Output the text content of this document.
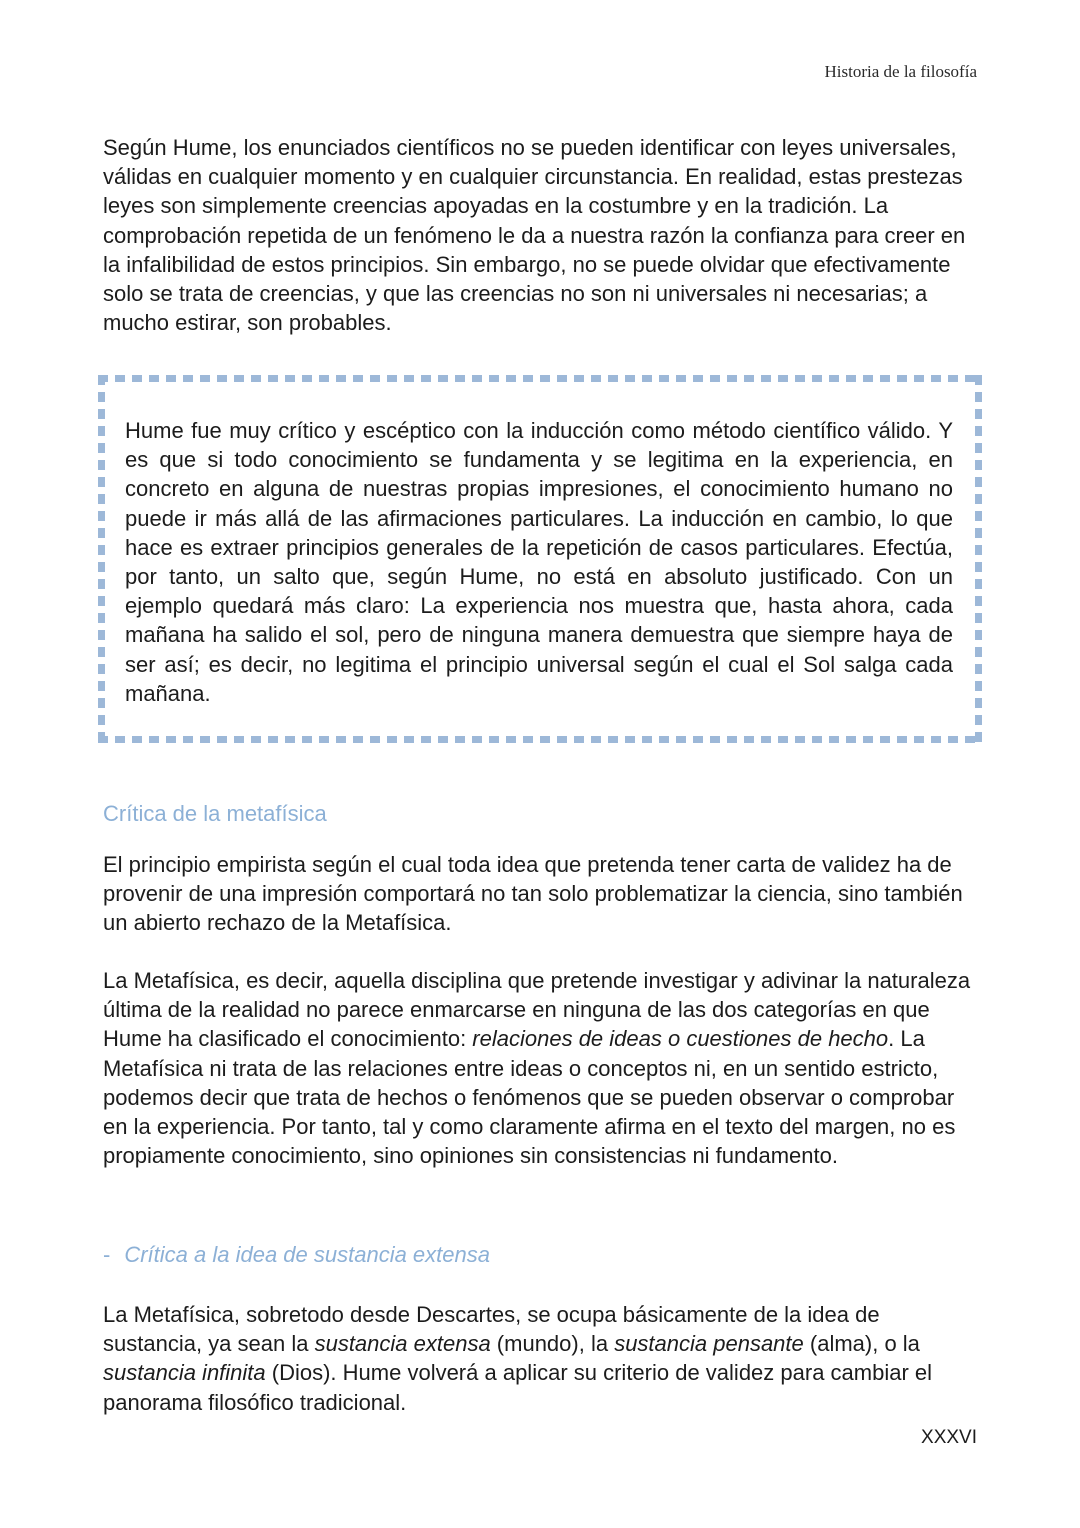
Historia de la filosofía

Según Hume, los enunciados científicos no se pueden identificar con leyes universales, válidas en cualquier momento y en cualquier circunstancia. En realidad, estas prestezas leyes son simplemente creencias apoyadas en la costumbre y en la tradición. La comprobación repetida de un fenómeno le da a nuestra razón la confianza para creer en la infalibilidad de estos principios. Sin embargo, no se puede olvidar que efectivamente solo se trata de creencias, y que las creencias no son ni universales ni necesarias; a mucho estirar, son probables.

Hume fue muy crítico y escéptico con la inducción como método científico válido. Y es que si todo conocimiento se fundamenta y se legitima en la experiencia, en concreto en alguna de nuestras propias impresiones, el conocimiento humano no puede ir más allá de las afirmaciones particulares. La inducción en cambio, lo que hace es extraer principios generales de la repetición de casos particulares. Efectúa, por tanto, un salto que, según Hume, no está en absoluto justificado. Con un ejemplo quedará más claro: La experiencia nos muestra que, hasta ahora, cada mañana ha salido el sol, pero de ninguna manera demuestra que siempre haya de ser así; es decir, no legitima el principio universal según el cual el Sol salga cada mañana.

Crítica de la metafísica

El principio empirista según el cual toda idea que pretenda tener carta de validez ha de provenir de una impresión comportará no tan solo problematizar la ciencia, sino también un abierto rechazo de la Metafísica.

La Metafísica, es decir, aquella disciplina que pretende investigar y adivinar la naturaleza última de la realidad no parece enmarcarse en ninguna de las dos categorías en que Hume ha clasificado el conocimiento: relaciones de ideas o cuestiones de hecho. La Metafísica ni trata de las relaciones entre ideas o conceptos ni, en un sentido estricto, podemos decir que trata de hechos o fenómenos que se pueden observar o comprobar en la experiencia. Por tanto, tal y como claramente afirma en el texto del margen, no es propiamente conocimiento, sino opiniones sin consistencias ni fundamento.

- Crítica a la idea de sustancia extensa

La Metafísica, sobretodo desde Descartes, se ocupa básicamente de la idea de sustancia, ya sean la sustancia extensa (mundo), la sustancia pensante (alma), o la sustancia infinita (Dios). Hume volverá a aplicar su criterio de validez para cambiar el panorama filosófico tradicional.

XXXVI
